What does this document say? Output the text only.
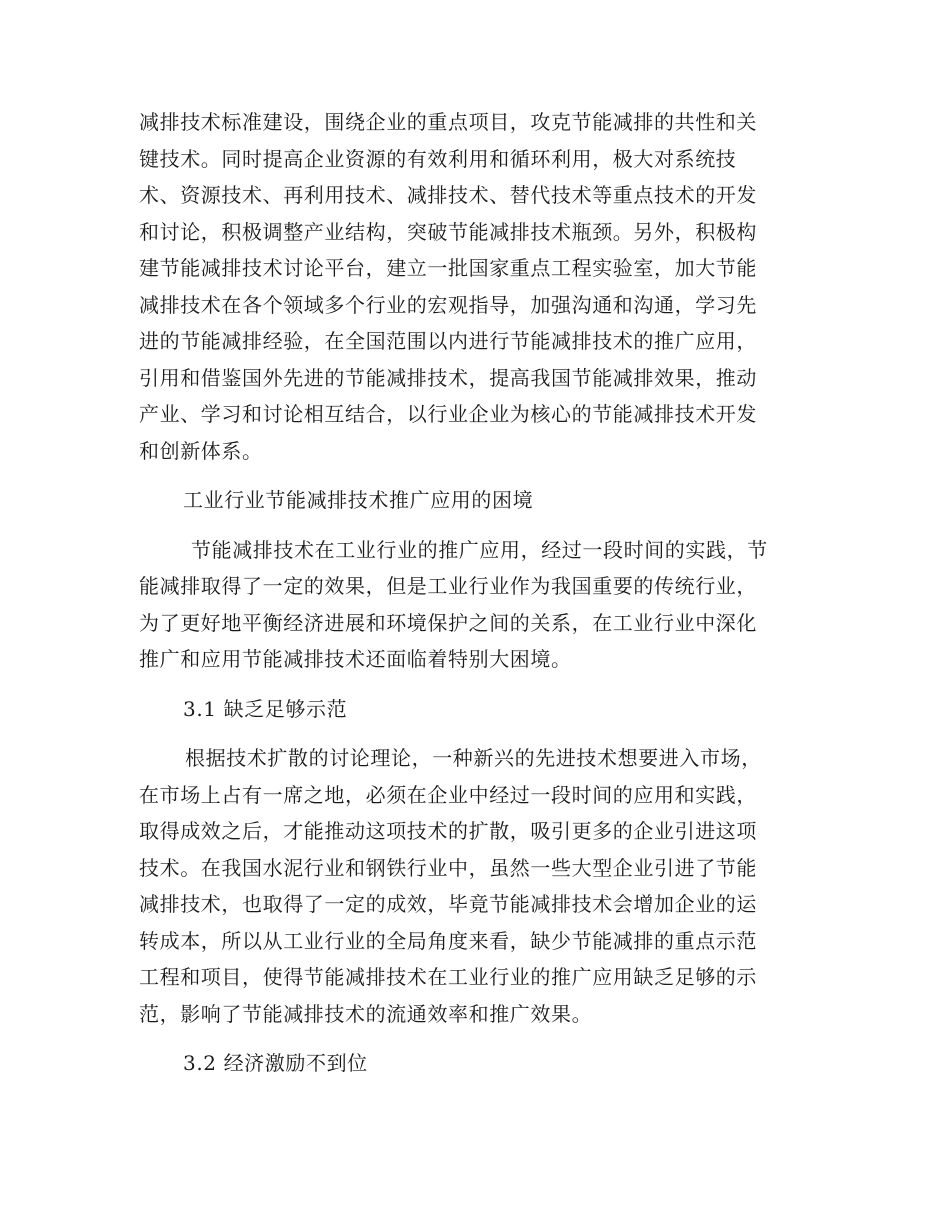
减排技术标准建设，围绕企业的重点项目，攻克节能减排的共性和关
键技术。同时提高企业资源的有效利用和循环利用，极大对系统技
术、资源技术、再利用技术、减排技术、替代技术等重点技术的开发
和讨论，积极调整产业结构，突破节能减排技术瓶颈。另外，积极构
建节能减排技术讨论平台，建立一批国家重点工程实验室，加大节能
减排技术在各个领域多个行业的宏观指导，加强沟通和沟通，学习先
进的节能减排经验，在全国范围以内进行节能减排技术的推广应用，
引用和借鉴国外先进的节能减排技术，提高我国节能减排效果，推动
产业、学习和讨论相互结合，以行业企业为核心的节能减排技术开发
和创新体系。
工业行业节能减排技术推广应用的困境
节能减排技术在工业行业的推广应用，经过一段时间的实践，节
能减排取得了一定的效果，但是工业行业作为我国重要的传统行业，
为了更好地平衡经济进展和环境保护之间的关系，在工业行业中深化
推广和应用节能减排技术还面临着特别大困境。
3.1 缺乏足够示范
根据技术扩散的讨论理论，一种新兴的先进技术想要进入市场，
在市场上占有一席之地，必须在企业中经过一段时间的应用和实践，
取得成效之后，才能推动这项技术的扩散，吸引更多的企业引进这项
技术。在我国水泥行业和钢铁行业中，虽然一些大型企业引进了节能
减排技术，也取得了一定的成效，毕竟节能减排技术会增加企业的运
转成本，所以从工业行业的全局角度来看，缺少节能减排的重点示范
工程和项目，使得节能减排技术在工业行业的推广应用缺乏足够的示
范，影响了节能减排技术的流通效率和推广效果。
3.2 经济激励不到位
